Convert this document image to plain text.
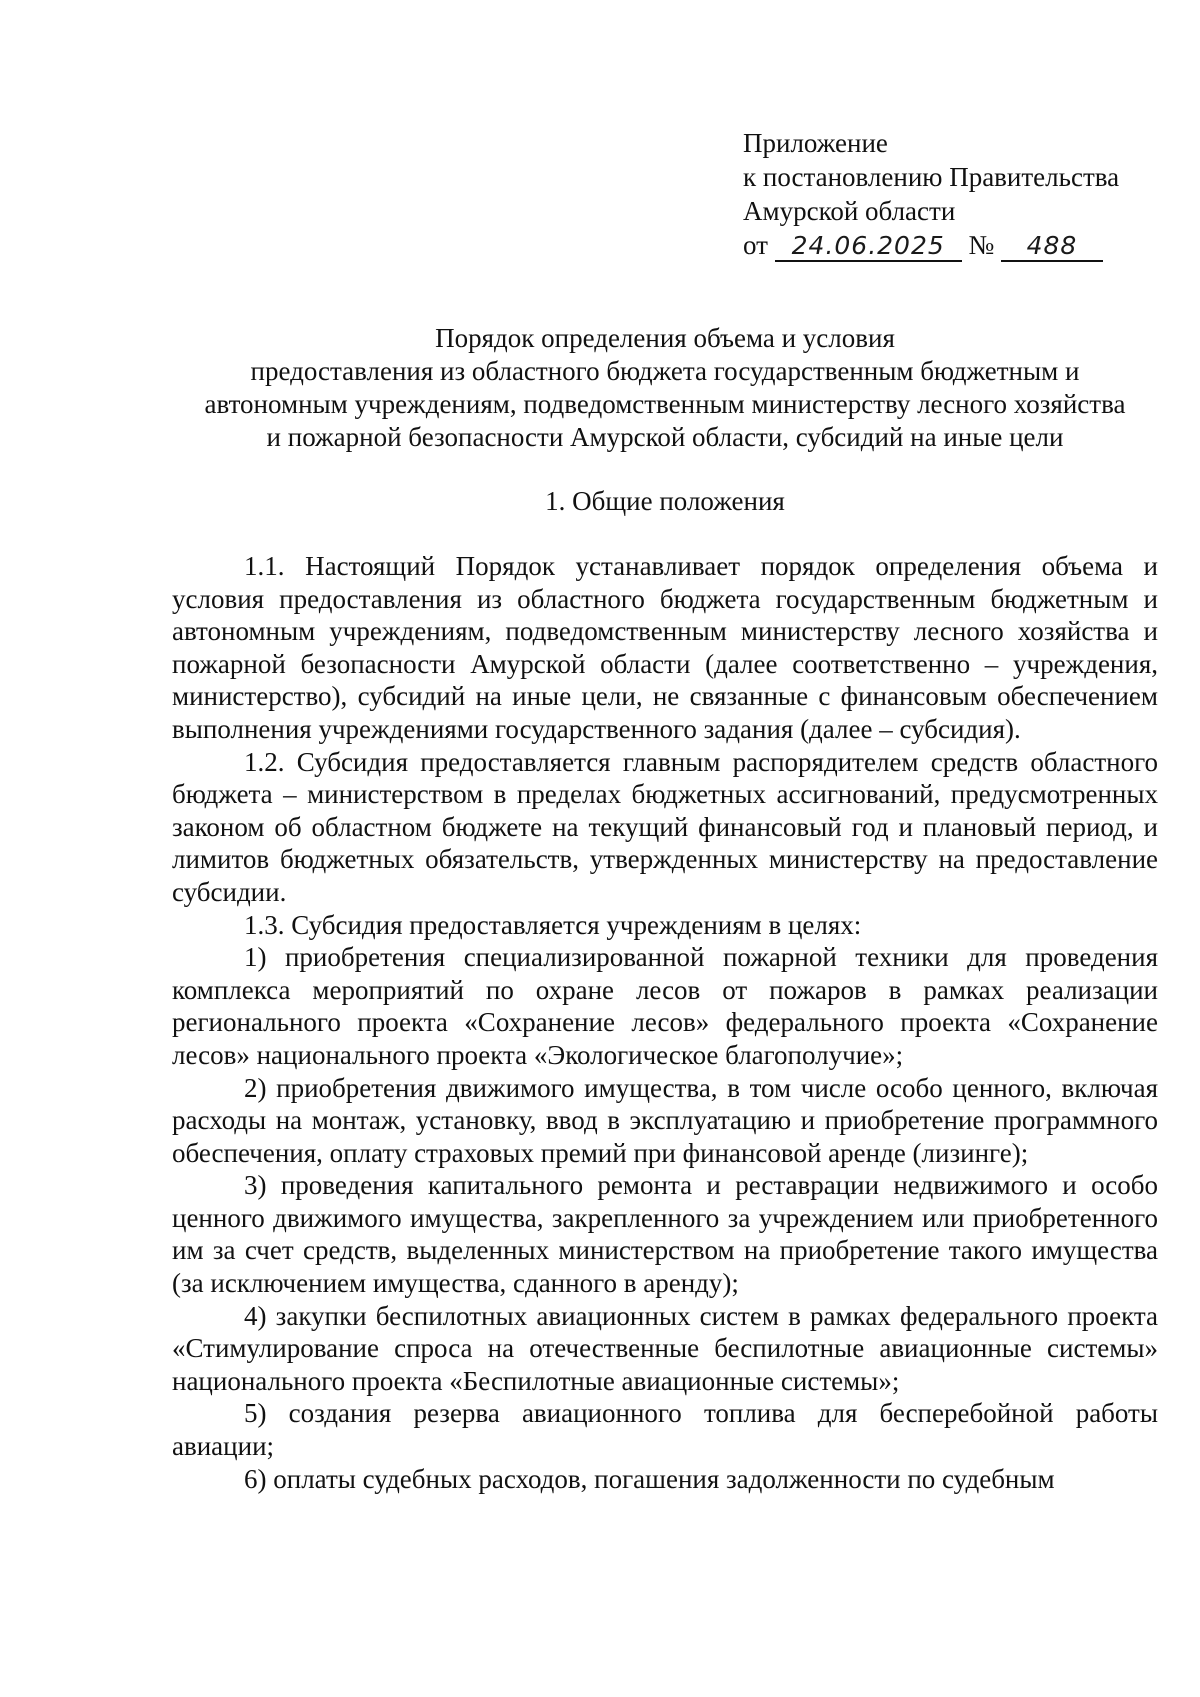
Приложение
к постановлению Правительства
Амурской области
от 24.06.2025 № 488
Порядок определения объема и условия
предоставления из областного бюджета государственным бюджетным и
автономным учреждениям, подведомственным министерству лесного хозяйства
и пожарной безопасности Амурской области, субсидий на иные цели
1. Общие положения

1.1. Настоящий Порядок устанавливает порядок определения объема и условия предоставления из областного бюджета государственным бюджетным и автономным учреждениям, подведомственным министерству лесного хозяйства и пожарной безопасности Амурской области (далее соответственно – учреждения, министерство), субсидий на иные цели, не связанные с финансовым обеспечением выполнения учреждениями государственного задания (далее – субсидия).

1.2. Субсидия предоставляется главным распорядителем средств областного бюджета – министерством в пределах бюджетных ассигнований, предусмотренных законом об областном бюджете на текущий финансовый год и плановый период, и лимитов бюджетных обязательств, утвержденных министерству на предоставление субсидии.

1.3. Субсидия предоставляется учреждениям в целях:

1) приобретения специализированной пожарной техники для проведения комплекса мероприятий по охране лесов от пожаров в рамках реализации регионального проекта «Сохранение лесов» федерального проекта «Сохранение лесов» национального проекта «Экологическое благополучие»;

2) приобретения движимого имущества, в том числе особо ценного, включая расходы на монтаж, установку, ввод в эксплуатацию и приобретение программного обеспечения, оплату страховых премий при финансовой аренде (лизинге);

3) проведения капитального ремонта и реставрации недвижимого и особо ценного движимого имущества, закрепленного за учреждением или приобретенного им за счет средств, выделенных министерством на приобретение такого имущества (за исключением имущества, сданного в аренду);

4) закупки беспилотных авиационных систем в рамках федерального проекта «Стимулирование спроса на отечественные беспилотные авиационные системы» национального проекта «Беспилотные авиационные системы»;

5) создания резерва авиационного топлива для бесперебойной работы авиации;

6) оплаты судебных расходов, погашения задолженности по судебным
